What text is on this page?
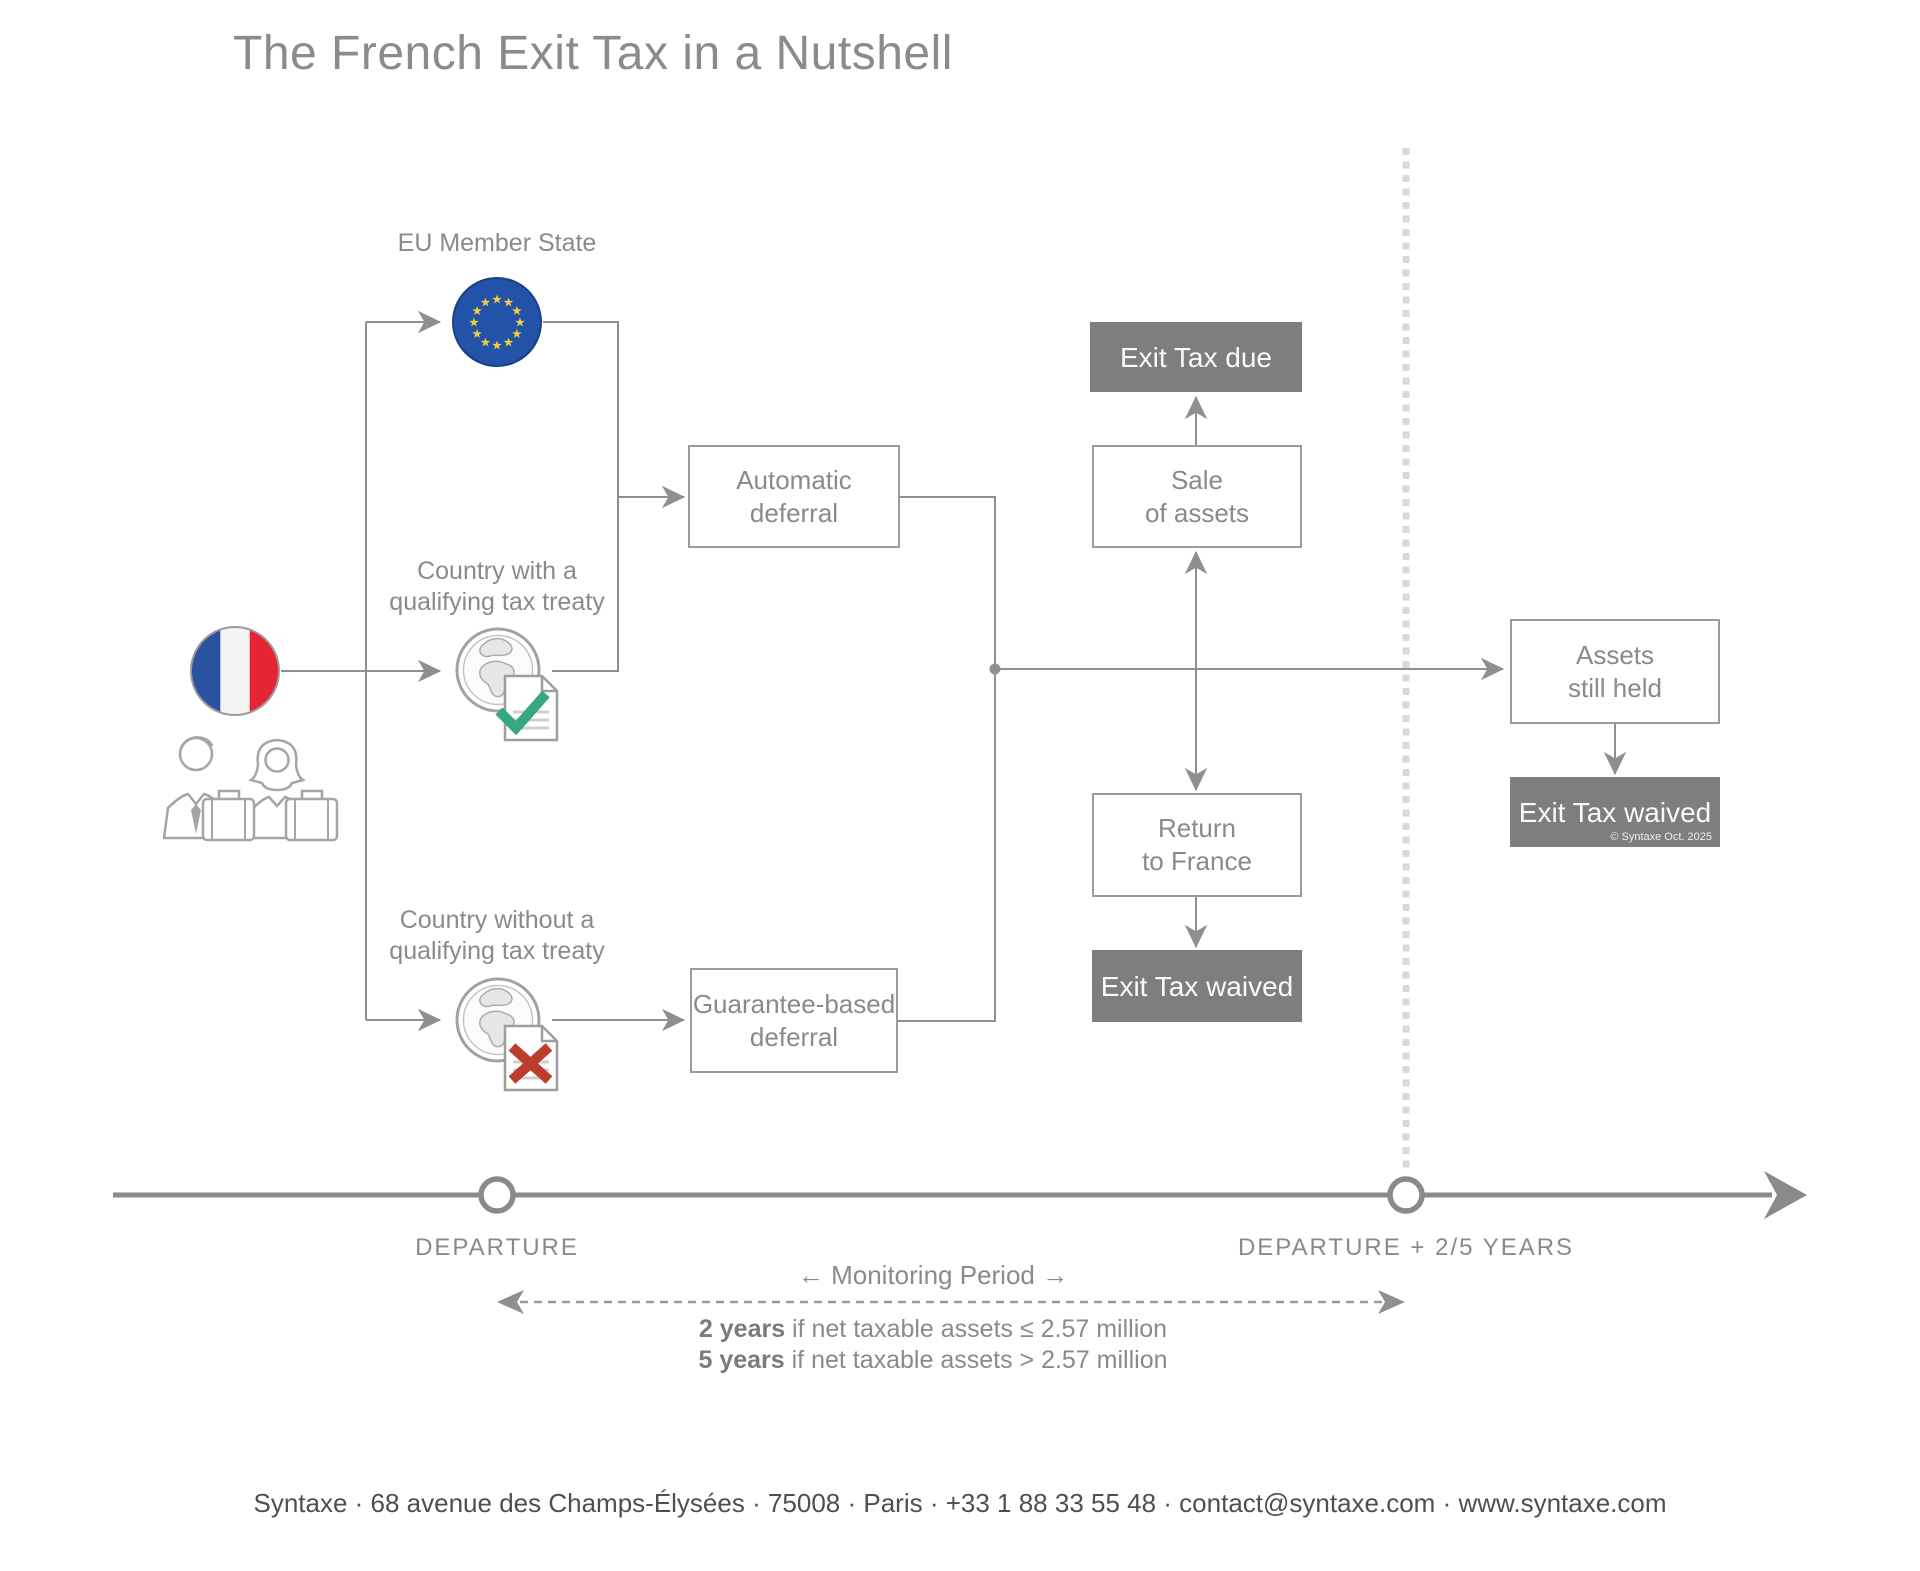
The French Exit Tax in a Nutshell
★ ★
★
★
★
★
★
★
★
★
★
★
EU Member State
Country with a
qualifying tax treaty
Country without a
qualifying tax treaty
Automatic
deferral
Guarantee-based
deferral
Exit Tax due
Sale
of assets
Return
to France
Exit Tax waived
Assets
still held
Exit Tax waived
© Syntaxe Oct. 2025
DEPARTURE	DEPARTURE + 2/5 YEARS
← Monitoring Period →
2 years if net taxable assets ≤ 2.57 million
5 years if net taxable assets > 2.57 million
Syntaxe · 68 avenue des Champs-Élysées · 75008 · Paris · +33 1 88 33 55 48 · contact@syntaxe.com · www.syntaxe.com
